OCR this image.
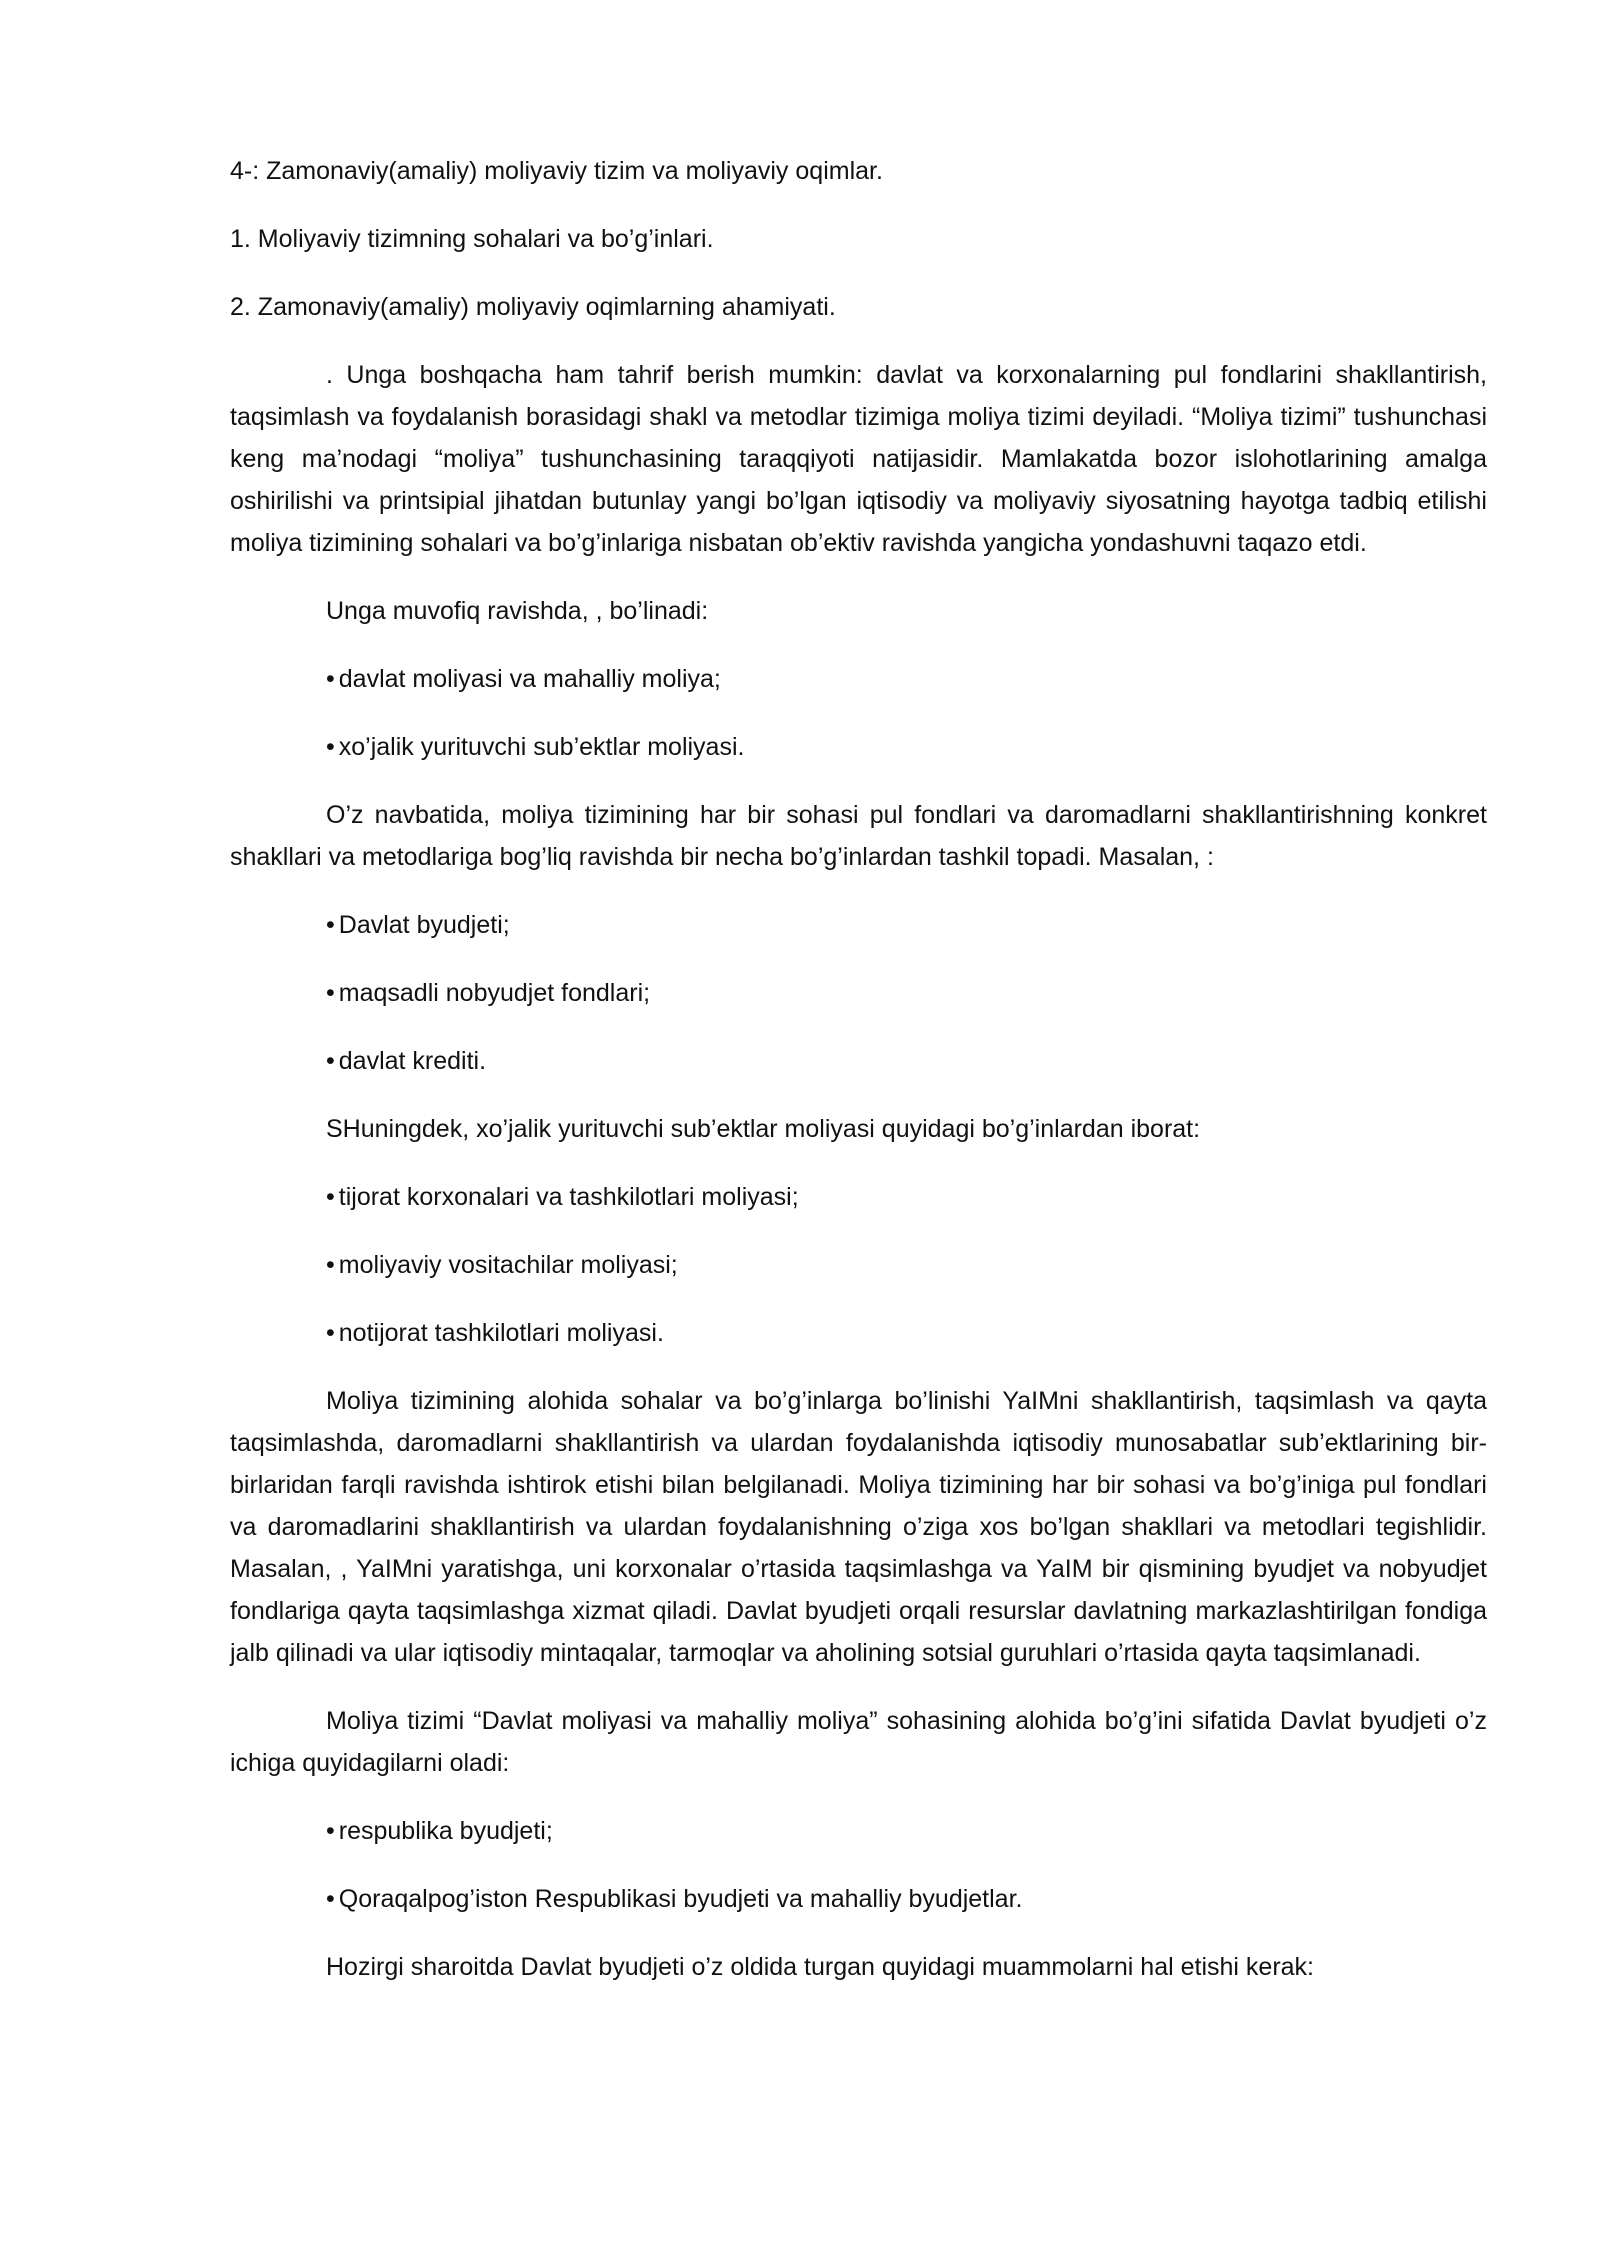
4-: Zamonaviy(amaliy) moliyaviy tizim va moliyaviy oqimlar.

1. Moliyaviy tizimning sohalari va bo’g’inlari.

2. Zamonaviy(amaliy) moliyaviy oqimlarning ahamiyati.

. Unga boshqacha ham tahrif berish mumkin: davlat va korxonalarning pul fondlarini shakllantirish, taqsimlash va foydalanish borasidagi shakl va metodlar tizimiga moliya tizimi deyiladi. “Moliya tizimi” tushunchasi keng ma’nodagi “moliya” tushunchasining taraqqiyoti natijasidir. Mamlakatda bozor islohotlarining amalga oshirilishi va printsipial jihatdan butunlay yangi bo’lgan iqtisodiy va moliyaviy siyosatning hayotga tadbiq etilishi moliya tizimining sohalari va bo’g’inlariga nisbatan ob’ektiv ravishda yangicha yondashuvni taqazo etdi.

Unga muvofiq ravishda, , bo’linadi:

• davlat moliyasi va mahalliy moliya;

• xo’jalik yurituvchi sub’ektlar moliyasi.

O’z navbatida, moliya tizimining har bir sohasi pul fondlari va daromadlarni shakllantirishning konkret shakllari va metodlariga bog’liq ravishda bir necha bo’g’inlardan tashkil topadi. Masalan, :

• Davlat byudjeti;

• maqsadli nobyudjet fondlari;

• davlat krediti.

SHuningdek, xo’jalik yurituvchi sub’ektlar moliyasi quyidagi bo’g’inlardan iborat:

• tijorat korxonalari va tashkilotlari moliyasi;

• moliyaviy vositachilar moliyasi;

• notijorat tashkilotlari moliyasi.

Moliya tizimining alohida sohalar va bo’g’inlarga bo’linishi YaIMni shakllantirish, taqsimlash va qayta taqsimlashda, daromadlarni shakllantirish va ulardan foydalanishda iqtisodiy munosabatlar sub’ektlarining bir-birlaridan farqli ravishda ishtirok etishi bilan belgilanadi. Moliya tizimining har bir sohasi va bo’g’iniga pul fondlari va daromadlarini shakllantirish va ulardan foydalanishning o’ziga xos bo’lgan shakllari va metodlari tegishlidir. Masalan, , YaIMni yaratishga, uni korxonalar o’rtasida taqsimlashga va YaIM bir qismining byudjet va nobyudjet fondlariga qayta taqsimlashga xizmat qiladi. Davlat byudjeti orqali resurslar davlatning markazlashtirilgan fondiga jalb qilinadi va ular iqtisodiy mintaqalar, tarmoqlar va aholining sotsial guruhlari o’rtasida qayta taqsimlanadi.

Moliya tizimi “Davlat moliyasi va mahalliy moliya” sohasining alohida bo’g’ini sifatida Davlat byudjeti o’z ichiga quyidagilarni oladi:

• respublika byudjeti;

• Qoraqalpog’iston Respublikasi byudjeti va mahalliy byudjetlar.

Hozirgi sharoitda Davlat byudjeti o’z oldida turgan quyidagi muammolarni hal etishi kerak:
